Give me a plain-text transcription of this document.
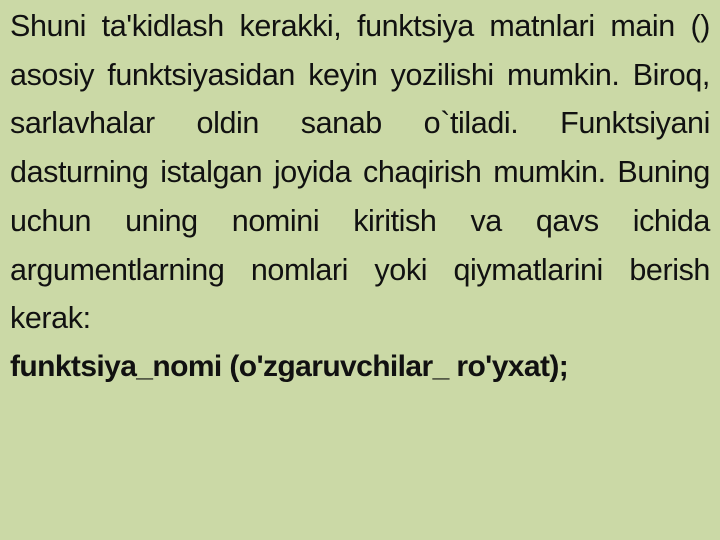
Shuni ta'kidlash kerakki, funktsiya matnlari main () asosiy funktsiyasidan keyin yozilishi mumkin. Biroq, sarlavhalar oldin sanab o`tiladi. Funktsiyani dasturning istalgan joyida chaqirish mumkin. Buning uchun uning nomini kiritish va qavs ichida argumentlarning nomlari yoki qiymatlarini berish kerak:

funktsiya_nomi (o'zgaruvchilar_ ro'yxat);
